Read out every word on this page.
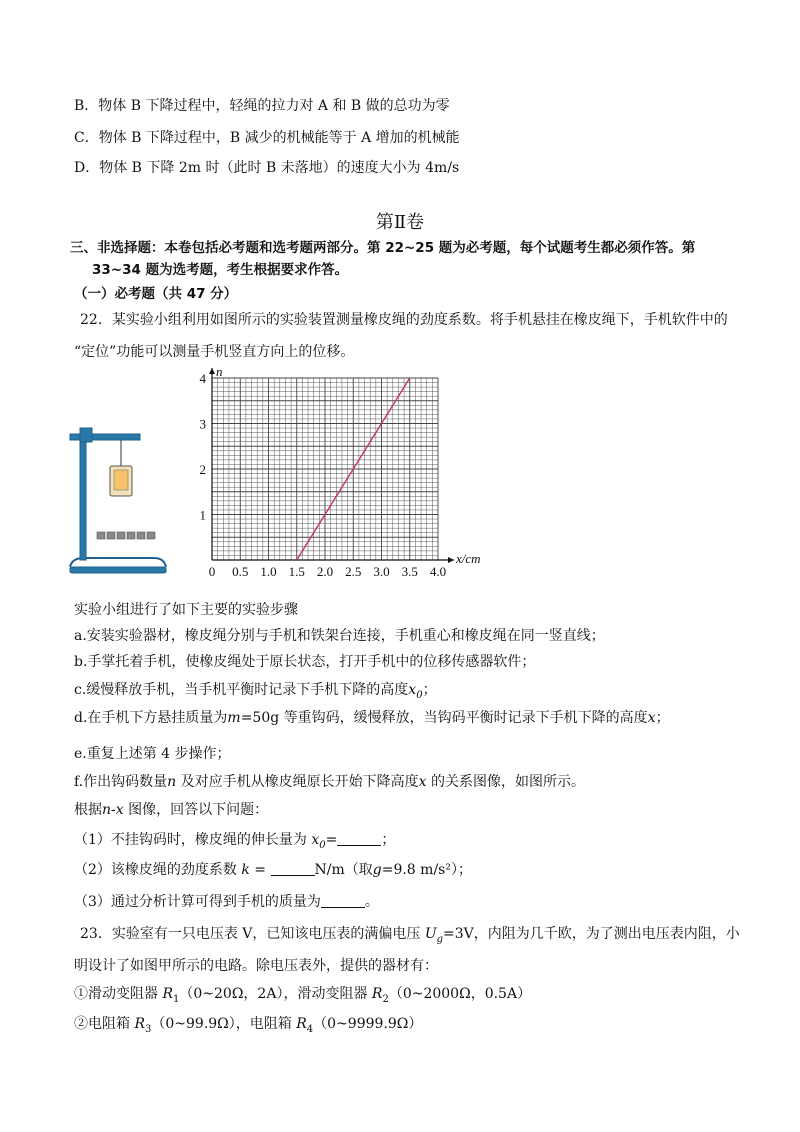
B．物体 B 下降过程中，轻绳的拉力对 A 和 B 做的总功为零
C．物体 B 下降过程中，B 减少的机械能等于 A 增加的机械能
D．物体 B 下降 2m 时（此时 B 未落地）的速度大小为 4m/s
第Ⅱ卷
三、非选择题：本卷包括必考题和选考题两部分。第 22~25 题为必考题，每个试题考生都必须作答。第
33~34 题为选考题，考生根据要求作答。
（一）必考题（共 47 分）
22．某实验小组利用如图所示的实验装置测量橡皮绳的劲度系数。将手机悬挂在橡皮绳下，手机软件中的
“定位”功能可以测量手机竖直方向上的位移。
0 0.5 1.0 1.5 2.0 2.5 3.0 3.5 4.0
1
2
3
4
x/cm
n
实验小组进行了如下主要的实验步骤
a.安装实验器材，橡皮绳分别与手机和铁架台连接，手机重心和橡皮绳在同一竖直线；
b.手掌托着手机，使橡皮绳处于原长状态，打开手机中的位移传感器软件；
c.缓慢释放手机，当手机平衡时记录下手机下降的高度$x_0$；
d.在手机下方悬挂质量为m=50g 等重钩码，缓慢释放，当钩码平衡时记录下手机下降的高度x；
e.重复上述第 4 步操作；
f.作出钩码数量n 及对应手机从橡皮绳原长开始下降高度x 的关系图像，如图所示。
根据n-x 图像，回答以下问题：
（1）不挂钩码时，橡皮绳的伸长量为 $x_0=$	；
（2）该橡皮绳的劲度系数 k =	N/m（取g=9.8 m/s²）；
（3）通过分析计算可得到手机的质量为	。
23．实验室有一只电压表 V，已知该电压表的满偏电压 $U_g=3V$，内阻为几千欧，为了测出电压表内阻，小
明设计了如图甲所示的电路。除电压表外，提供的器材有：
①滑动变阻器 $R_1(0\sim 20\Omega$，2A），滑动变阻器 $R_2(0\sim 2000\Omega$，0.5A）
②电阻箱 $R_3(0\sim 99.9\Omega)$，电阻箱 $R_4(0\sim 9999.9\Omega)$
